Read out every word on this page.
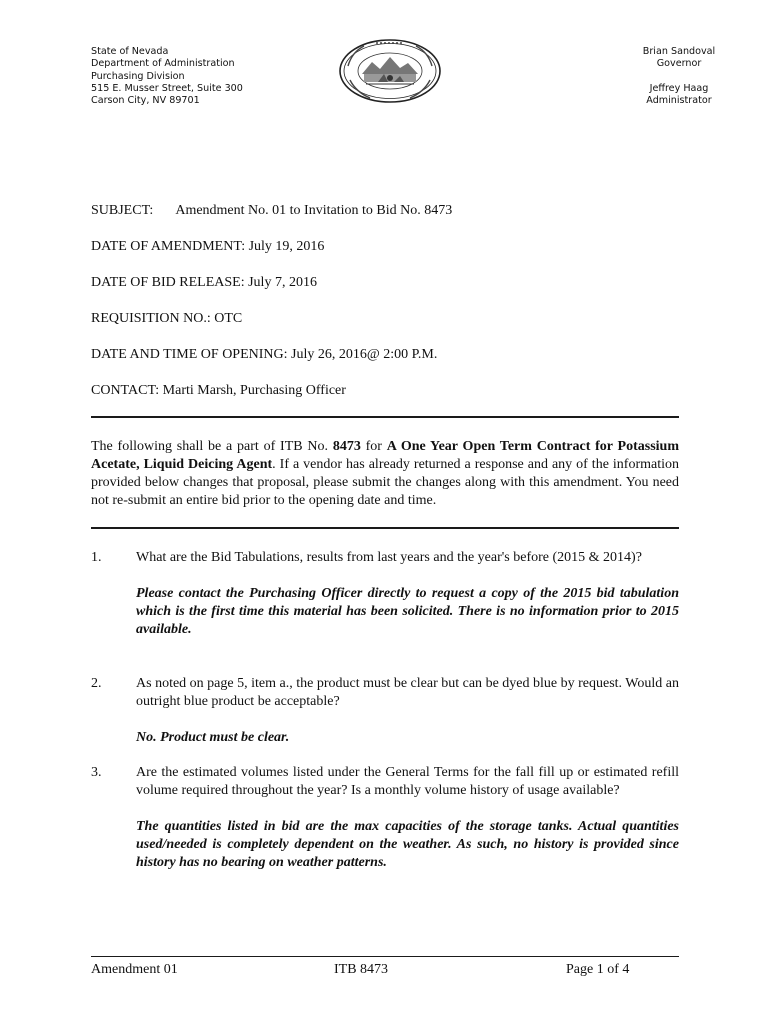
State of Nevada
Department of Administration
Purchasing Division
515 E. Musser Street, Suite 300
Carson City, NV 89701
Brian Sandoval
Governor
Jeffrey Haag
Administrator
SUBJECT: Amendment No. 01 to Invitation to Bid No. 8473
DATE OF AMENDMENT: July 19, 2016
DATE OF BID RELEASE: July 7, 2016
REQUISITION NO.: OTC
DATE AND TIME OF OPENING: July 26, 2016@ 2:00 P.M.
CONTACT: Marti Marsh, Purchasing Officer
The following shall be a part of ITB No. 8473 for A One Year Open Term Contract for Potassium Acetate, Liquid Deicing Agent. If a vendor has already returned a response and any of the information provided below changes that proposal, please submit the changes along with this amendment. You need not re-submit an entire bid prior to the opening date and time.
1.	What are the Bid Tabulations, results from last years and the year's before (2015 & 2014)?
Please contact the Purchasing Officer directly to request a copy of the 2015 bid tabulation which is the first time this material has been solicited. There is no information prior to 2015 available.
2.	As noted on page 5, item a., the product must be clear but can be dyed blue by request. Would an outright blue product be acceptable?
No. Product must be clear.
3.	Are the estimated volumes listed under the General Terms for the fall fill up or estimated refill volume required throughout the year? Is a monthly volume history of usage available?
The quantities listed in bid are the max capacities of the storage tanks. Actual quantities used/needed is completely dependent on the weather. As such, no history is provided since history has no bearing on weather patterns.
Amendment 01	ITB 8473	Page 1 of 4
